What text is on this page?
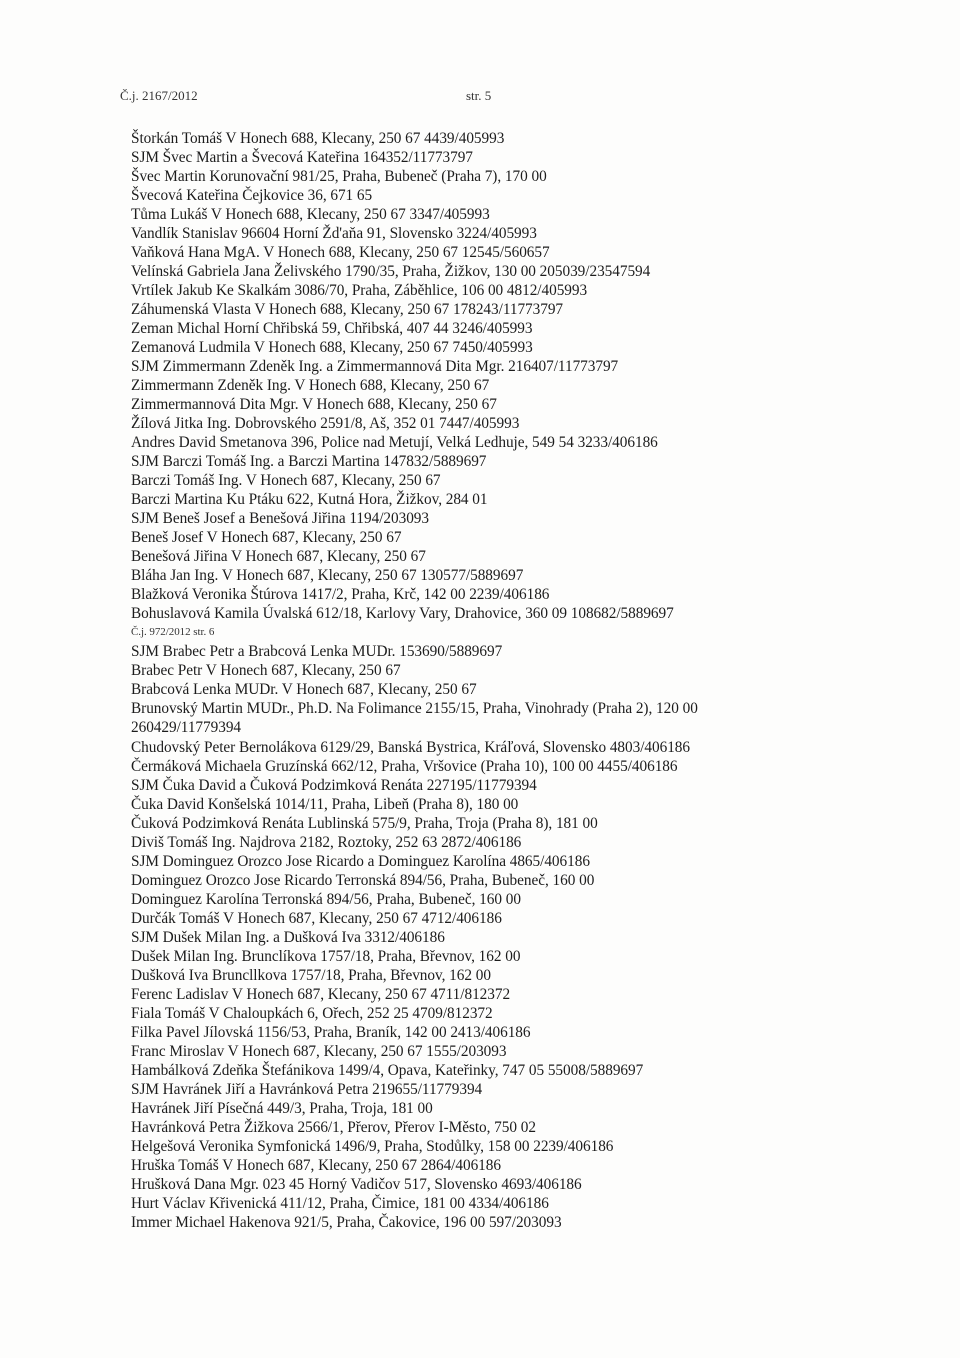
Č.j. 2167/2012	str. 5
Štorkán Tomáš V Honech 688, Klecany, 250 67 4439/405993
SJM Švec Martin a Švecová Kateřina 164352/11773797
Švec Martin Korunovační 981/25, Praha, Bubeneč (Praha 7), 170 00
Švecová Kateřina Čejkovice 36, 671 65
Tůma Lukáš V Honech 688, Klecany, 250 67 3347/405993
Vandlík Stanislav 96604 Horní Žd'aňa 91, Slovensko 3224/405993
Vaňková Hana MgA. V Honech 688, Klecany, 250 67 12545/560657
Velínská Gabriela Jana Želivského 1790/35, Praha, Žižkov, 130 00 205039/23547594
Vrtílek Jakub Ke Skalkám 3086/70, Praha, Záběhlice, 106 00 4812/405993
Záhumenská Vlasta V Honech 688, Klecany, 250 67 178243/11773797
Zeman Michal Horní Chřibská 59, Chřibská, 407 44 3246/405993
Zemanová Ludmila V Honech 688, Klecany, 250 67 7450/405993
SJM Zimmermann Zdeněk Ing. a Zimmermannová Dita Mgr. 216407/11773797
Zimmermann Zdeněk Ing. V Honech 688, Klecany, 250 67
Zimmermannová Dita Mgr. V Honech 688, Klecany, 250 67
Žílová Jitka Ing. Dobrovského 2591/8, Aš, 352 01 7447/405993
Andres David Smetanova 396, Police nad Metují, Velká Ledhuje, 549 54 3233/406186
SJM Barczi Tomáš Ing. a Barczi Martina 147832/5889697
Barczi Tomáš Ing. V Honech 687, Klecany, 250 67
Barczi Martina Ku Ptáku 622, Kutná Hora, Žižkov, 284 01
SJM Beneš Josef a Benešová Jiřina 1194/203093
Beneš Josef V Honech 687, Klecany, 250 67
Benešová Jiřina V Honech 687, Klecany, 250 67
Bláha Jan Ing. V Honech 687, Klecany, 250 67 130577/5889697
Blažková Veronika Štúrova 1417/2, Praha, Krč, 142 00 2239/406186
Bohuslavová Kamila Úvalská 612/18, Karlovy Vary, Drahovice, 360 09 108682/5889697
Č.j. 972/2012 str. 6
SJM Brabec Petr a Brabcová Lenka MUDr. 153690/5889697
Brabec Petr V Honech 687, Klecany, 250 67
Brabcová Lenka MUDr. V Honech 687, Klecany, 250 67
Brunovský Martin MUDr., Ph.D. Na Folimance 2155/15, Praha, Vinohrady (Praha 2), 120 00
260429/11779394
Chudovský Peter Bernolákova 6129/29, Banská Bystrica, Kráľová, Slovensko 4803/406186
Čermáková Michaela Gruzínská 662/12, Praha, Vršovice (Praha 10), 100 00 4455/406186
SJM Čuka David a Čuková Podzimková Renáta 227195/11779394
Čuka David Konšelská 1014/11, Praha, Libeň (Praha 8), 180 00
Čuková Podzimková Renáta Lublinská 575/9, Praha, Troja (Praha 8), 181 00
Diviš Tomáš Ing. Najdrova 2182, Roztoky, 252 63 2872/406186
SJM Dominguez Orozco Jose Ricardo a Dominguez Karolína 4865/406186
Dominguez Orozco Jose Ricardo Terronská 894/56, Praha, Bubeneč, 160 00
Dominguez Karolína Terronská 894/56, Praha, Bubeneč, 160 00
Durčák Tomáš V Honech 687, Klecany, 250 67 4712/406186
SJM Dušek Milan Ing. a Dušková Iva 3312/406186
Dušek Milan Ing. Brunclíkova 1757/18, Praha, Břevnov, 162 00
Dušková Iva Bruncllkova 1757/18, Praha, Břevnov, 162 00
Ferenc Ladislav V Honech 687, Klecany, 250 67 4711/812372
Fiala Tomáš V Chaloupkách 6, Ořech, 252 25 4709/812372
Filka Pavel Jílovská 1156/53, Praha, Braník, 142 00 2413/406186
Franc Miroslav V Honech 687, Klecany, 250 67 1555/203093
Hambálková Zdeňka Štefánikova 1499/4, Opava, Kateřinky, 747 05 55008/5889697
SJM Havránek Jiří a Havránková Petra 219655/11779394
Havránek Jiří Písečná 449/3, Praha, Troja, 181 00
Havránková Petra Žižkova 2566/1, Přerov, Přerov I-Město, 750 02
Helgešová Veronika Symfonická 1496/9, Praha, Stodůlky, 158 00 2239/406186
Hruška Tomáš V Honech 687, Klecany, 250 67 2864/406186
Hrušková Dana Mgr. 023 45 Horný Vadičov 517, Slovensko 4693/406186
Hurt Václav Křivenická 411/12, Praha, Čimice, 181 00 4334/406186
Immer Michael Hakenova 921/5, Praha, Čakovice, 196 00 597/203093
